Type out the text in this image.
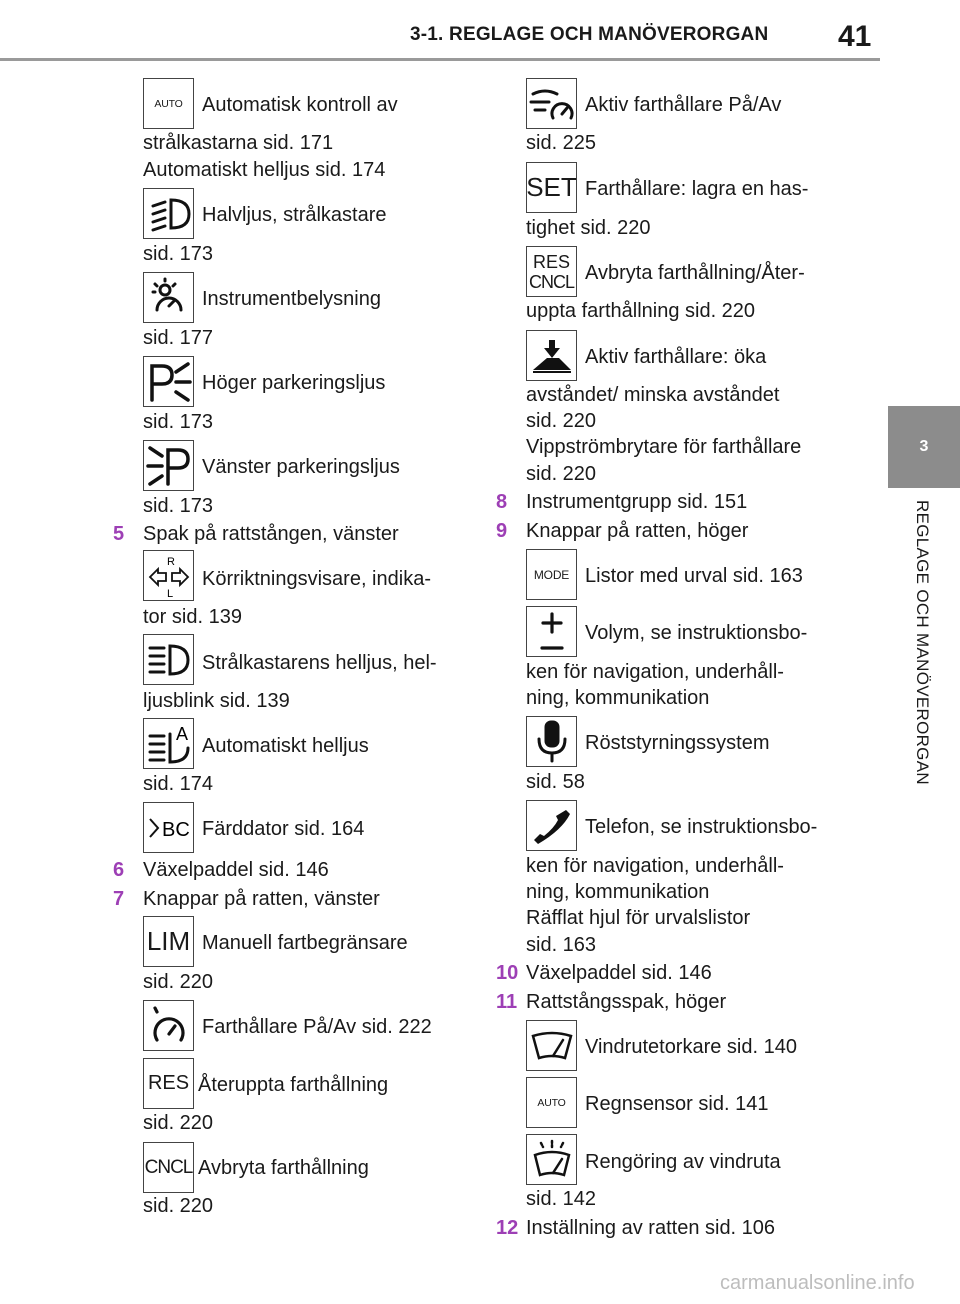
3-1. REGLAGE OCH MANÖVERORGAN 41
3
REGLAGE OCH MANÖVERORGAN
AUTO Automatisk kontroll av
strålkastarna sid. 171
Automatiskt helljus sid. 174
Halvljus, strålkastare
sid. 173
Instrumentbelysning
sid. 177
Höger parkeringsljus
sid. 173
Vänster parkeringsljus
sid. 173
5 Spak på rattstången, vänster
R
L
Körriktningsvisare, indika-
tor sid. 139
Strålkastarens helljus, hel-
ljusblink sid. 139
A
Automatiskt helljus
sid. 174
BC Färddator sid. 164
6 Växelpaddel sid. 146
7 Knappar på ratten, vänster
LIM Manuell fartbegränsare
sid. 220
Farthållare På/Av sid. 222
RES Återuppta farthållning
sid. 220
CNCL Avbryta farthållning
sid. 220
Aktiv farthållare På/Av
sid. 225
SET Farthållare: lagra en has-
tighet sid. 220
RES
CNCL Avbryta farthållning/Åter-
uppta farthållning sid. 220
Aktiv farthållare: öka
avståndet/ minska avståndet
sid. 220
Vippströmbrytare för farthållare
sid. 220
8 Instrumentgrupp sid. 151
9 Knappar på ratten, höger
MODE Listor med urval sid. 163
Volym, se instruktionsbo-
ken för navigation, underhåll-
ning, kommunikation
Röststyrningssystem
sid. 58
Telefon, se instruktionsbo-
ken för navigation, underhåll-
ning, kommunikation
Räfflat hjul för urvalslistor
sid. 163
10 Växelpaddel sid. 146
11 Rattstångsspak, höger
Vindrutetorkare sid. 140
AUTO Regnsensor sid. 141
Rengöring av vindruta
sid. 142
12 Inställning av ratten sid. 106
carmanualsonline.info
